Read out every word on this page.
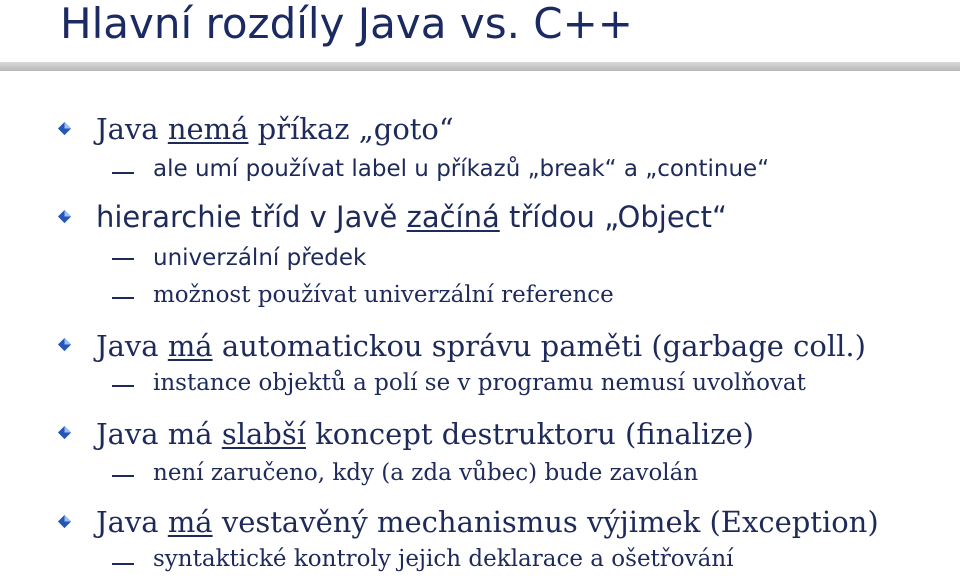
Hlavní rozdíly Java vs. C++
Java nemá příkaz „goto“
ale umí používat label u příkazů „break“ a „continue“
hierarchie tříd v Javě začíná třídou „Object“
univerzální předek
možnost používat univerzální reference
Java má automatickou správu paměti (garbage coll.)
instance objektů a polí se v programu nemusí uvolňovat
Java má slabší koncept destruktoru (finalize)
není zaručeno, kdy (a zda vůbec) bude zavolán
Java má vestavěný mechanismus výjimek (Exception)
syntaktické kontroly jejich deklarace a ošetřování
